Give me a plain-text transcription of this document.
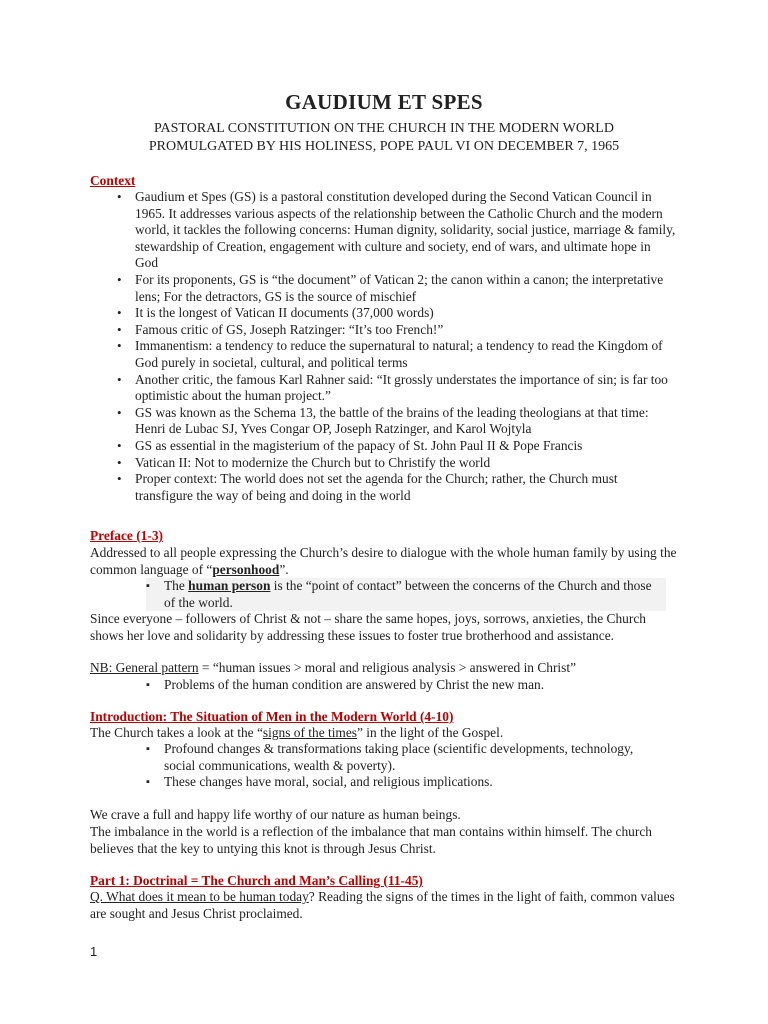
GAUDIUM ET SPES
PASTORAL CONSTITUTION ON THE CHURCH IN THE MODERN WORLD
PROMULGATED BY HIS HOLINESS, POPE PAUL VI ON DECEMBER 7, 1965
Context
• Gaudium et Spes (GS) is a pastoral constitution developed during the Second Vatican Council in 1965. It addresses various aspects of the relationship between the Catholic Church and the modern world, it tackles the following concerns: Human dignity, solidarity, social justice, marriage & family, stewardship of Creation, engagement with culture and society, end of wars, and ultimate hope in God
• For its proponents, GS is “the document” of Vatican 2; the canon within a canon; the interpretative lens; For the detractors, GS is the source of mischief
• It is the longest of Vatican II documents (37,000 words)
• Famous critic of GS, Joseph Ratzinger: “It’s too French!”
• Immanentism: a tendency to reduce the supernatural to natural; a tendency to read the Kingdom of God purely in societal, cultural, and political terms
• Another critic, the famous Karl Rahner said: “It grossly understates the importance of sin; is far too optimistic about the human project.”
• GS was known as the Schema 13, the battle of the brains of the leading theologians at that time: Henri de Lubac SJ, Yves Congar OP, Joseph Ratzinger, and Karol Wojtyla
• GS as essential in the magisterium of the papacy of St. John Paul II & Pope Francis
• Vatican II: Not to modernize the Church but to Christify the world
• Proper context: The world does not set the agenda for the Church; rather, the Church must transfigure the way of being and doing in the world
Preface (1-3)
Addressed to all people expressing the Church’s desire to dialogue with the whole human family by using the common language of “personhood”.
▪ The human person is the “point of contact” between the concerns of the Church and those of the world.
Since everyone – followers of Christ & not – share the same hopes, joys, sorrows, anxieties, the Church shows her love and solidarity by addressing these issues to foster true brotherhood and assistance.
NB: General pattern = “human issues > moral and religious analysis > answered in Christ”
▪ Problems of the human condition are answered by Christ the new man.
Introduction: The Situation of Men in the Modern World (4-10)
The Church takes a look at the “signs of the times” in the light of the Gospel.
▪ Profound changes & transformations taking place (scientific developments, technology, social communications, wealth & poverty).
▪ These changes have moral, social, and religious implications.
We crave a full and happy life worthy of our nature as human beings.
The imbalance in the world is a reflection of the imbalance that man contains within himself. The church believes that the key to untying this knot is through Jesus Christ.
Part 1: Doctrinal = The Church and Man’s Calling (11-45)
Q. What does it mean to be human today? Reading the signs of the times in the light of faith, common values are sought and Jesus Christ proclaimed.
1
